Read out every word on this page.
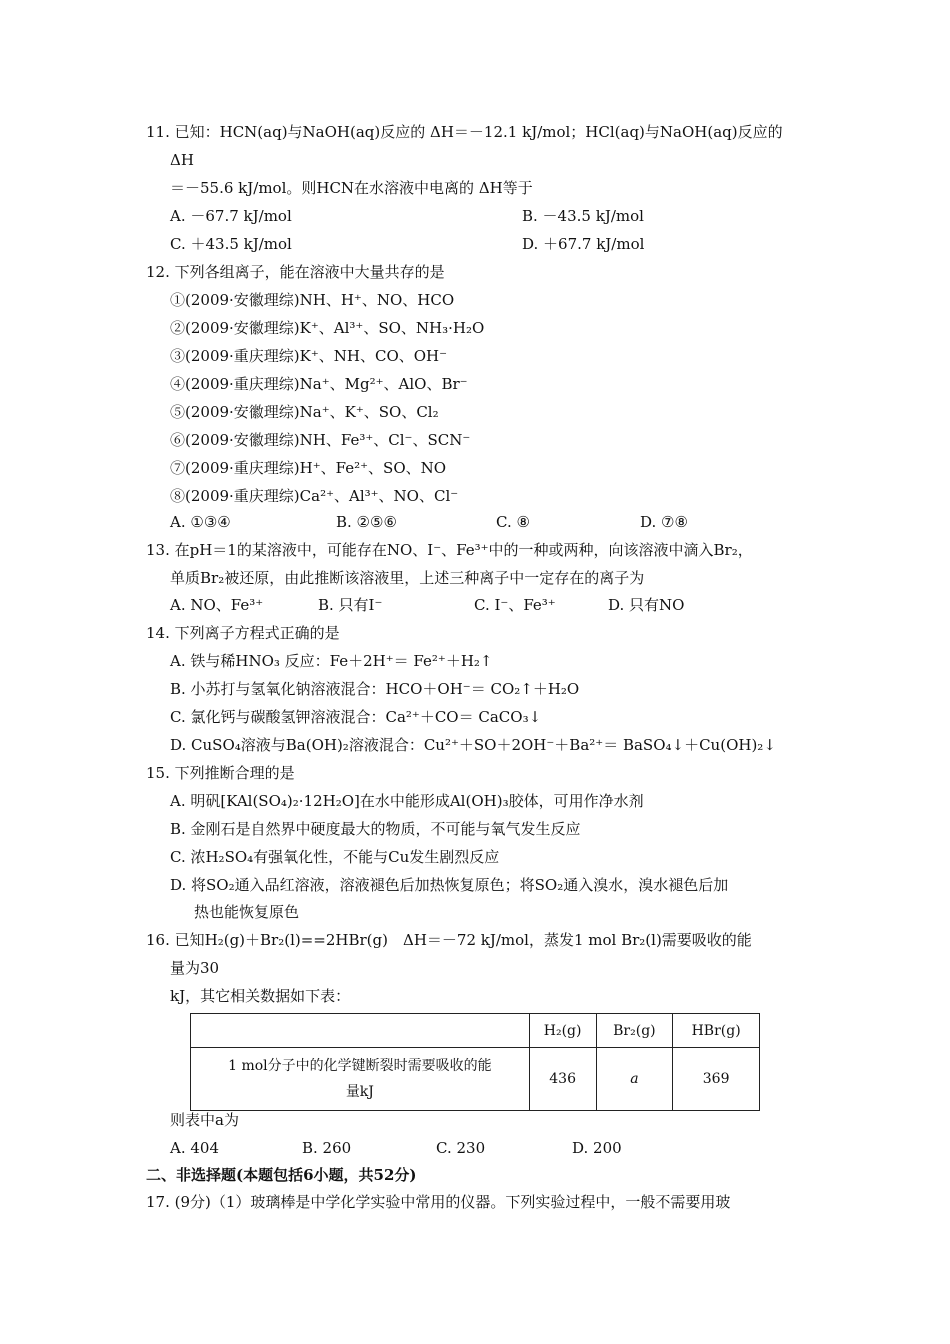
11. 已知：HCN(aq)与NaOH(aq)反应的 ΔH＝－12.1 kJ/mol；HCl(aq)与NaOH(aq)反应的
ΔH
＝－55.6 kJ/mol。则HCN在水溶液中电离的 ΔH等于
A. －67.7 kJ/mol	B. －43.5 kJ/mol
C. ＋43.5 kJ/mol	D. ＋67.7 kJ/mol
12. 下列各组离子，能在溶液中大量共存的是
①(2009·安徽理综)NH、H⁺、NO、HCO
②(2009·安徽理综)K⁺、Al³⁺、SO、NH₃·H₂O
③(2009·重庆理综)K⁺、NH、CO、OH⁻
④(2009·重庆理综)Na⁺、Mg²⁺、AlO、Br⁻
⑤(2009·安徽理综)Na⁺、K⁺、SO、Cl₂
⑥(2009·安徽理综)NH、Fe³⁺、Cl⁻、SCN⁻
⑦(2009·重庆理综)H⁺、Fe²⁺、SO、NO
⑧(2009·重庆理综)Ca²⁺、Al³⁺、NO、Cl⁻
A. ①③④	B. ②⑤⑥	C. ⑧	D. ⑦⑧
13. 在pH＝1的某溶液中，可能存在NO、I⁻、Fe³⁺中的一种或两种，向该溶液中滴入Br₂，
单质Br₂被还原，由此推断该溶液里，上述三种离子中一定存在的离子为
A. NO、Fe³⁺	B. 只有I⁻	C. I⁻、Fe³⁺	D. 只有NO
14. 下列离子方程式正确的是
A. 铁与稀HNO₃ 反应：Fe＋2H⁺＝ Fe²⁺＋H₂↑
B. 小苏打与氢氧化钠溶液混合：HCO＋OH⁻＝ CO₂↑＋H₂O
C. 氯化钙与碳酸氢钾溶液混合：Ca²⁺＋CO＝ CaCO₃↓
D. CuSO₄溶液与Ba(OH)₂溶液混合：Cu²⁺＋SO＋2OH⁻＋Ba²⁺＝ BaSO₄↓＋Cu(OH)₂↓
15. 下列推断合理的是
A. 明矾[KAl(SO₄)₂·12H₂O]在水中能形成Al(OH)₃胶体，可用作净水剂
B. 金刚石是自然界中硬度最大的物质，不可能与氧气发生反应
C. 浓H₂SO₄有强氧化性，不能与Cu发生剧烈反应
D. 将SO₂通入品红溶液，溶液褪色后加热恢复原色；将SO₂通入溴水，溴水褪色后加
热也能恢复原色
16. 已知H₂(g)＋Br₂(l)==2HBr(g)　ΔH＝－72 kJ/mol，蒸发1 mol Br₂(l)需要吸收的能
量为30
kJ，其它相关数据如下表：
	H₂(g)	Br₂(g)	HBr(g)

1 mol分子中的化学键断裂时需要吸收的能
量kJ	436	a	369
则表中a为
A. 404	B. 260	C. 230	D. 200
二、非选择题(本题包括6小题，共52分)
17. (9分)（1）玻璃棒是中学化学实验中常用的仪器。下列实验过程中，一般不需要用玻
